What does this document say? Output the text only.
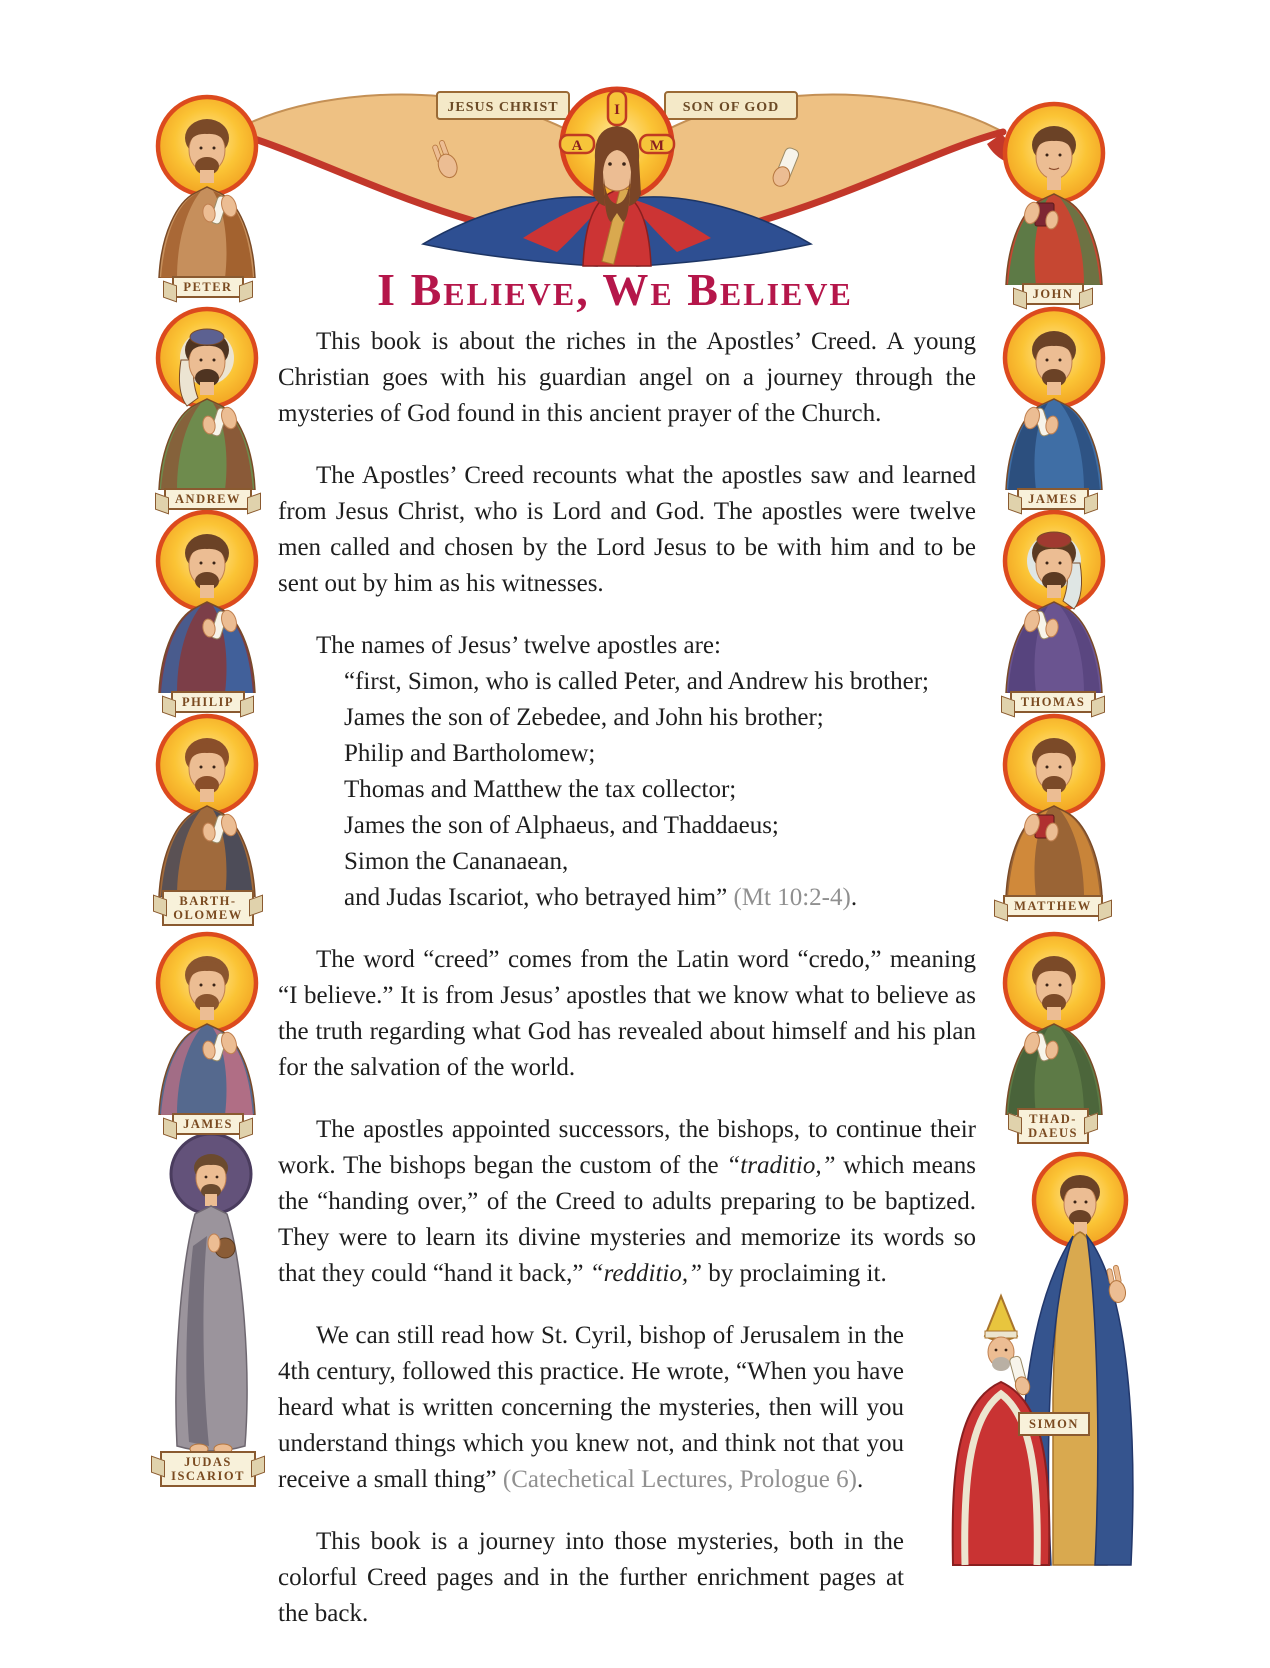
JESUS CHRIST	SON OF GOD
I
A	M
I Believe, We Believe

This book is about the riches in the Apostles’ Creed. A young Christian goes with his guardian angel on a journey through the mysteries of God found in this ancient prayer of the Church.

The Apostles’ Creed recounts what the apostles saw and learned from Jesus Christ, who is Lord and God. The apostles were twelve men called and chosen by the Lord Jesus to be with him and to be sent out by him as his witnesses.

The names of Jesus’ twelve apostles are:

“first, Simon, who is called Peter, and Andrew his brother;

James the son of Zebedee, and John his brother;

Philip and Bartholomew;

Thomas and Matthew the tax collector;

James the son of Alphaeus, and Thaddaeus;

Simon the Cananaean,

and Judas Iscariot, who betrayed him” (Mt 10:2-4).

The word “creed” comes from the Latin word “credo,” meaning “I believe.” It is from Jesus’ apostles that we know what to believe as the truth regarding what God has revealed about himself and his plan for the salvation of the world.

The apostles appointed successors, the bishops, to continue their work. The bishops began the custom of the “traditio,” which means the “handing over,” of the Creed to adults preparing to be baptized. They were to learn its divine mysteries and memorize its words so that they could “hand it back,” “redditio,” by proclaiming it.

We can still read how St. Cyril, bishop of Jerusalem in the 4th century, followed this practice. He wrote, “When you have heard what is written concerning the mysteries, then will you understand things which you knew not, and think not that you receive a small thing” (Catechetical Lectures, Prologue 6).

This book is a journey into those mysteries, both in the colorful Creed pages and in the further enrichment pages at the back.

PETER
ANDREW
PHILIP
BARTH-
OLOMEW
JAMES
JUDAS
ISCARIOT
JOHN
JAMES
THOMAS
MATTHEW
THAD-
DAEUS
SIMON
